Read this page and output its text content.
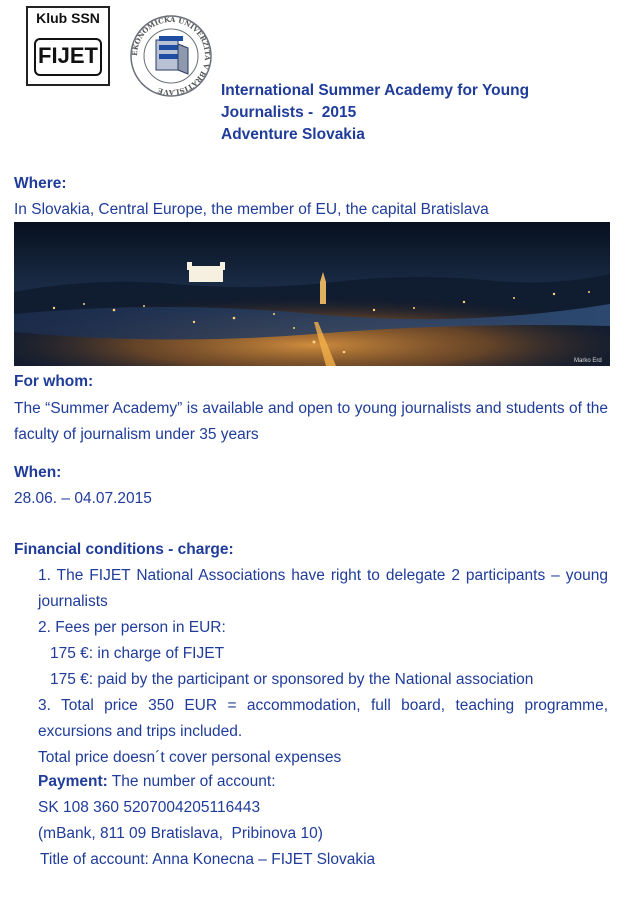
Klub SSN
FIJET	EKONOMICKÁ UNIVERZITA V BRATISLAVE	International Summer Academy for Young
Journalists -  2015
Adventure Slovakia
Where:
In Slovakia, Central Europe, the member of EU, the capital Bratislava
Marko Erd
For whom:
The “Summer Academy” is available and open to young journalists and students of the faculty of journalism under 35 years
When:
28.06. – 04.07.2015
Financial conditions - charge:
1. The FIJET National Associations have right to delegate 2 participants – young journalists
2. Fees per person in EUR:
175 €: in charge of FIJET
175 €: paid by the participant or sponsored by the National association
3. Total price 350 EUR = accommodation, full board, teaching programme, excursions and trips included.
Total price doesn´t cover personal expenses
Payment: The number of account:
SK 108 360 5207004205116443
(mBank, 811 09 Bratislava,  Pribinova 10)
Title of account: Anna Konecna – FIJET Slovakia
